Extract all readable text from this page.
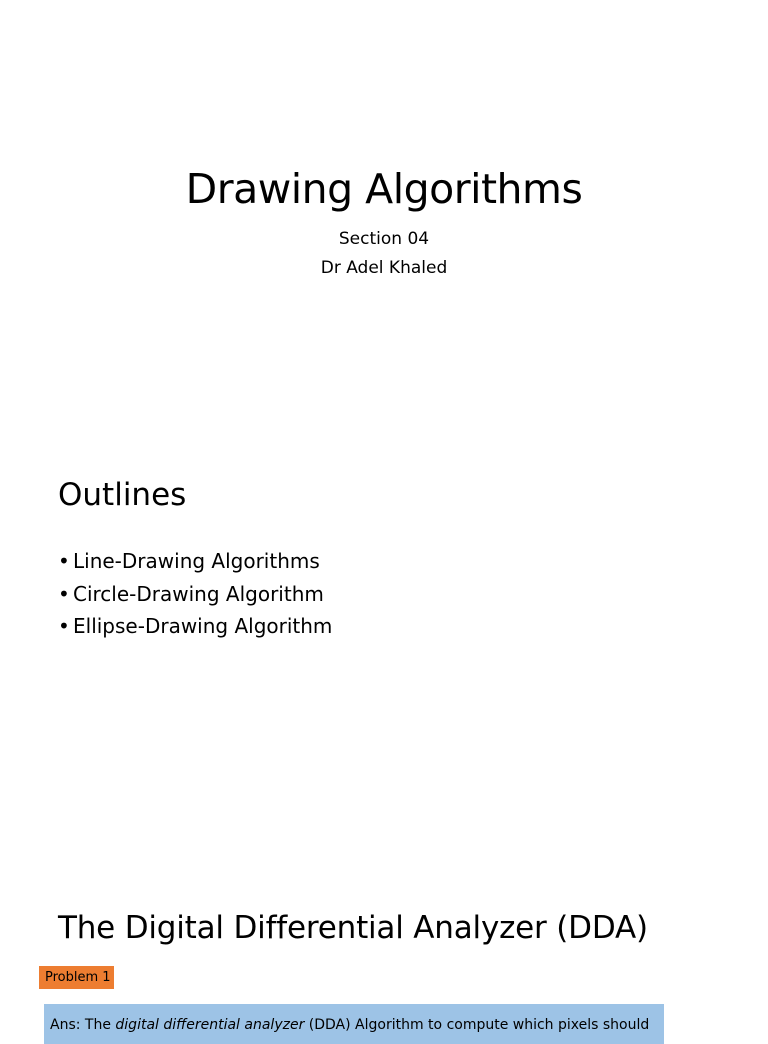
Drawing Algorithms
Section 04
Dr Adel Khaled
Outlines
• Line-Drawing Algorithms
• Circle-Drawing Algorithm
• Ellipse-Drawing Algorithm
The Digital Differential Analyzer (DDA)
Problem 1
Ans: The digital differential analyzer (DDA) Algorithm to compute which pixels should
